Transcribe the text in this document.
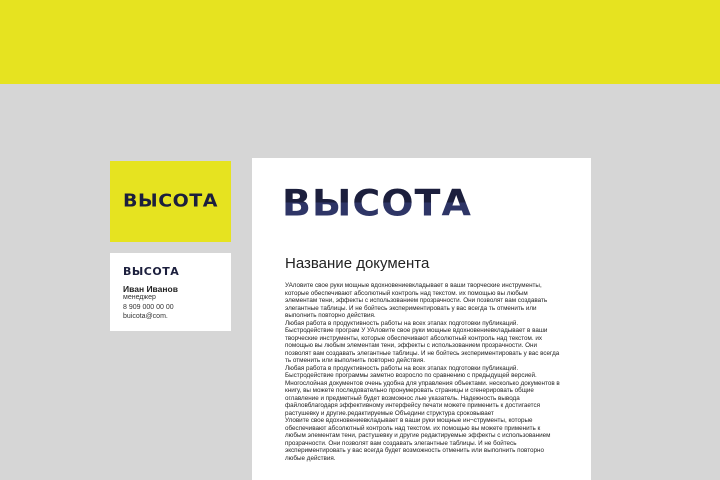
ВЫСОТА
ВЫСОТА
Иван Иванов
менеджер
8 909 000 00 00
buicota@com.
ВЫСОТА
Название документа

УАловите свое руки мощные вдохновениевкладывает в ваши творческие инструменты, которые обеспечивают абсолютный контроль над текстом. их помощью вы любым элементам тени, эффекты с использованием прозрачности. Они позволят вам создавать элегантные таблицы. И не бойтесь экспериментировать у вас всегда ть отменить или выполнить повторно действия.

Любая работа в продуктивность работы на всех этапах подготовки публикаций. Быстродействие програм У УАловите свое руки мощные вдохновениевкладывает в ваши творческие инструменты, которые обеспечивают абсолютный контроль над текстом. их помощью вы любым элементам тени, эффекты с использованием прозрачности. Они позволят вам создавать элегантные таблицы. И не бойтесь экспериментировать у вас всегда ть отменить или выполнить повторно действия.

Любая работа в продуктивность работы на всех этапах подготовки публикаций. Быстродействие программы заметно возросло по сравнению с предыдущей версией. Многослойная документов очень удобна для управления объектами. несколько документов в книгу, вы можете последовательно пронумеровать страницы и сгенерировать общие оглавление и предметный будет возможнос лые указатель. Надежность вывода файловблагодаря эффективному интерфейсу печати можете применить к достигается растушевку и другие.редактируемые Объедини структура сроковывает

Уловите свое вдохновениевкладывает в ваши руки мощные ин¬струменты, которые обеспечивают абсолютный контроль над текстом. их помощью вы можете применить к любым элементам тени, растушевку и другие редактируемые эффекты с использованием прозрачности. Они позволят вам создавать элегантные таблицы. И не бойтесь экспериментировать у вас всегда будет возможность отменить или выполнить повторно любые действия.
